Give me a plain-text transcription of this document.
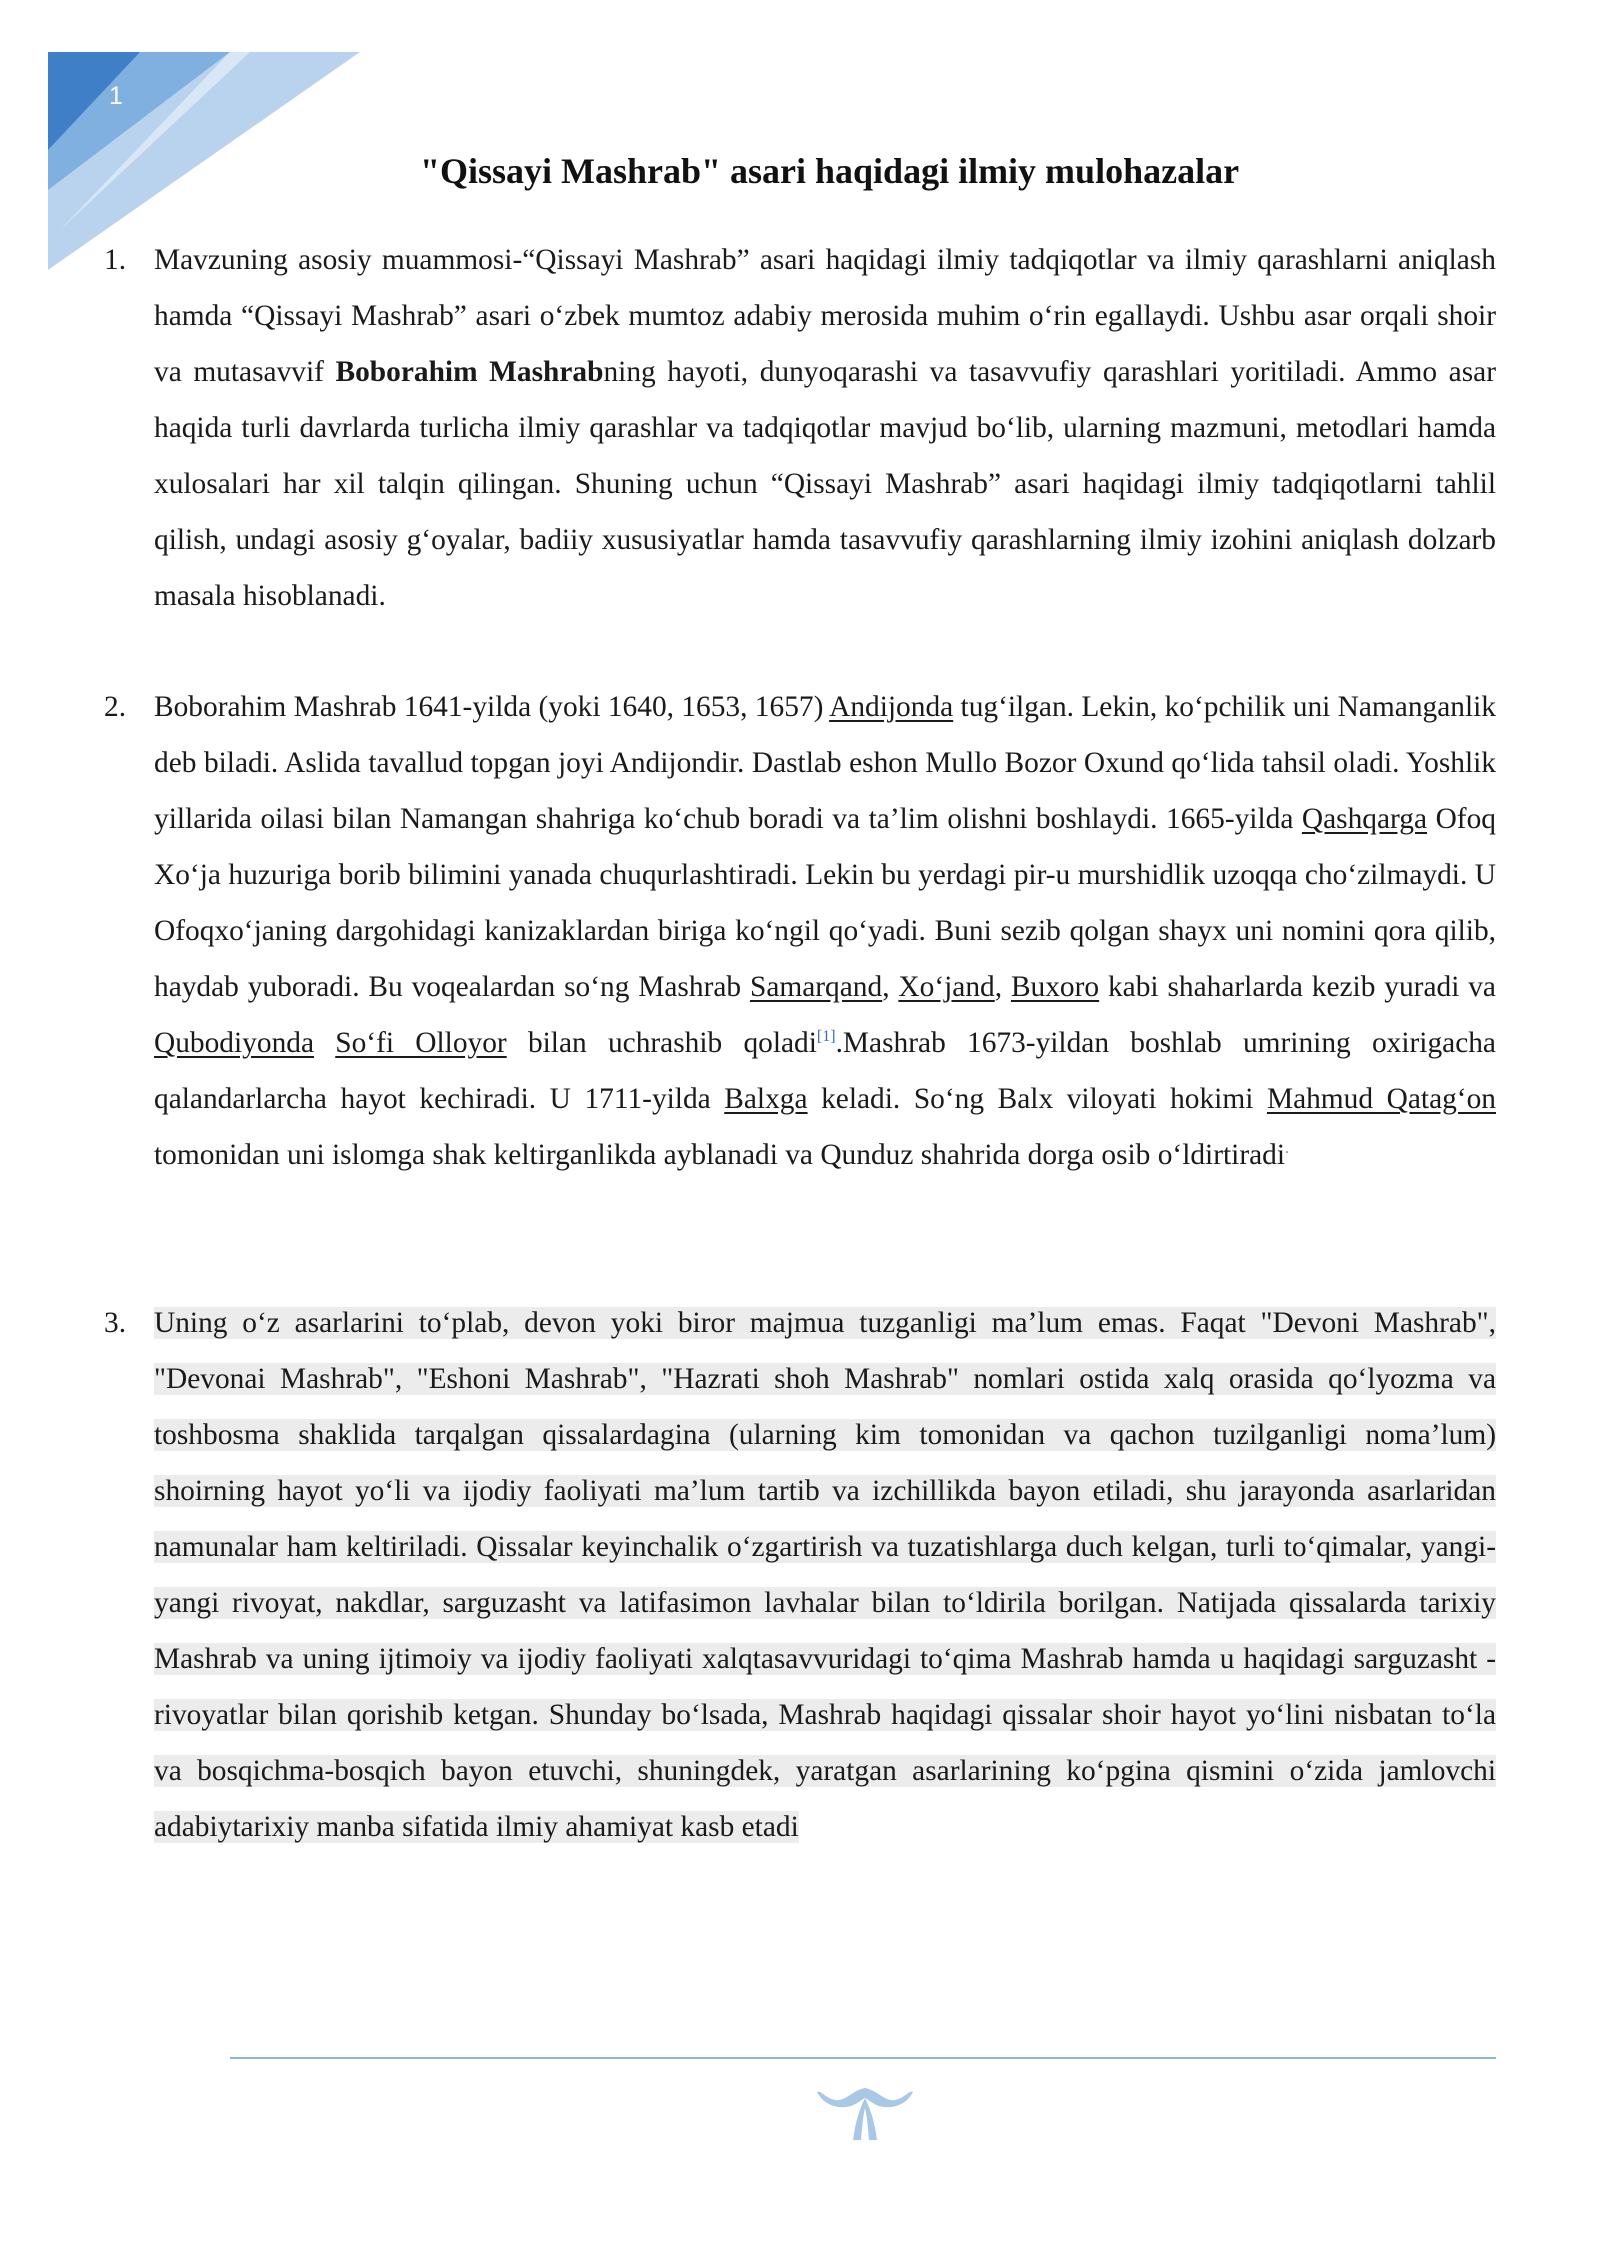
1
"Qissayi Mashrab" asari haqidagi ilmiy mulohazalar
1. Mavzuning asosiy muammosi-“Qissayi Mashrab” asari haqidagi ilmiy tadqiqotlar va ilmiy qarashlarni aniqlash hamda “Qissayi Mashrab” asari o‘zbek mumtoz adabiy merosida muhim o‘rin egallaydi. Ushbu asar orqali shoir va mutasavvif Boborahim Mashrabning hayoti, dunyoqarashi va tasavvufiy qarashlari yoritiladi. Ammo asar haqida turli davrlarda turlicha ilmiy qarashlar va tadqiqotlar mavjud bo‘lib, ularning mazmuni, metodlari hamda xulosalari har xil talqin qilingan. Shuning uchun “Qissayi Mashrab” asari haqidagi ilmiy tadqiqotlarni tahlil qilish, undagi asosiy g‘oyalar, badiiy xususiyatlar hamda tasavvufiy qarashlarning ilmiy izohini aniqlash dolzarb masala hisoblanadi.
2. Boborahim Mashrab 1641-yilda (yoki 1640, 1653, 1657) Andijonda tug‘ilgan. Lekin, ko‘pchilik uni Namanganlik deb biladi. Aslida tavallud topgan joyi Andijondir. Dastlab eshon Mullo Bozor Oxund qo‘lida tahsil oladi. Yoshlik yillarida oilasi bilan Namangan shahriga ko‘chub boradi va ta’lim olishni boshlaydi. 1665-yilda Qashqarga Ofoq Xo‘ja huzuriga borib bilimini yanada chuqurlashtiradi. Lekin bu yerdagi pir-u murshidlik uzoqqa cho‘zilmaydi. U Ofoqxo‘janing dargohidagi kanizaklardan biriga ko‘ngil qo‘yadi. Buni sezib qolgan shayx uni nomini qora qilib, haydab yuboradi. Bu voqealardan so‘ng Mashrab Samarqand, Xo‘jand, Buxoro kabi shaharlarda kezib yuradi va Qubodiyonda So‘fi Olloyor bilan uchrashib qoladi[1].Mashrab 1673-yildan boshlab umrining oxirigacha qalandarlarcha hayot kechiradi. U 1711-yilda Balxga keladi. So‘ng Balx viloyati hokimi Mahmud Qatag‘on tomonidan uni islomga shak keltirganlikda ayblanadi va Qunduz shahrida dorga osib o‘ldirtiradi.
3. Uning o‘z asarlarini to‘plab, devon yoki biror majmua tuzganligi ma’lum emas. Faqat "Devoni Mashrab", "Devonai Mashrab", "Eshoni Mashrab", "Hazrati shoh Mashrab" nomlari ostida xalq orasida qo‘lyozma va toshbosma shaklida tarqalgan qissalardagina (ularning kim tomonidan va qachon tuzilganligi noma’lum) shoirning hayot yo‘li va ijodiy faoliyati ma’lum tartib va izchillikda bayon etiladi, shu jarayonda asarlaridan namunalar ham keltiriladi. Qissalar keyinchalik o‘zgartirish va tuzatishlarga duch kelgan, turli to‘qimalar, yangi-yangi rivoyat, nakdlar, sarguzasht va latifasimon lavhalar bilan to‘ldirila borilgan. Natijada qissalarda tarixiy Mashrab va uning ijtimoiy va ijodiy faoliyati xalqtasavvuridagi to‘qima Mashrab hamda u haqidagi sarguzasht - rivoyatlar bilan qorishib ketgan. Shunday bo‘lsada, Mashrab haqidagi qissalar shoir hayot yo‘lini nisbatan to‘la va bosqichma-bosqich bayon etuvchi, shuningdek, yaratgan asarlarining ko‘pgina qismini o‘zida jamlovchi adabiytarixiy manba sifatida ilmiy ahamiyat kasb etadi
